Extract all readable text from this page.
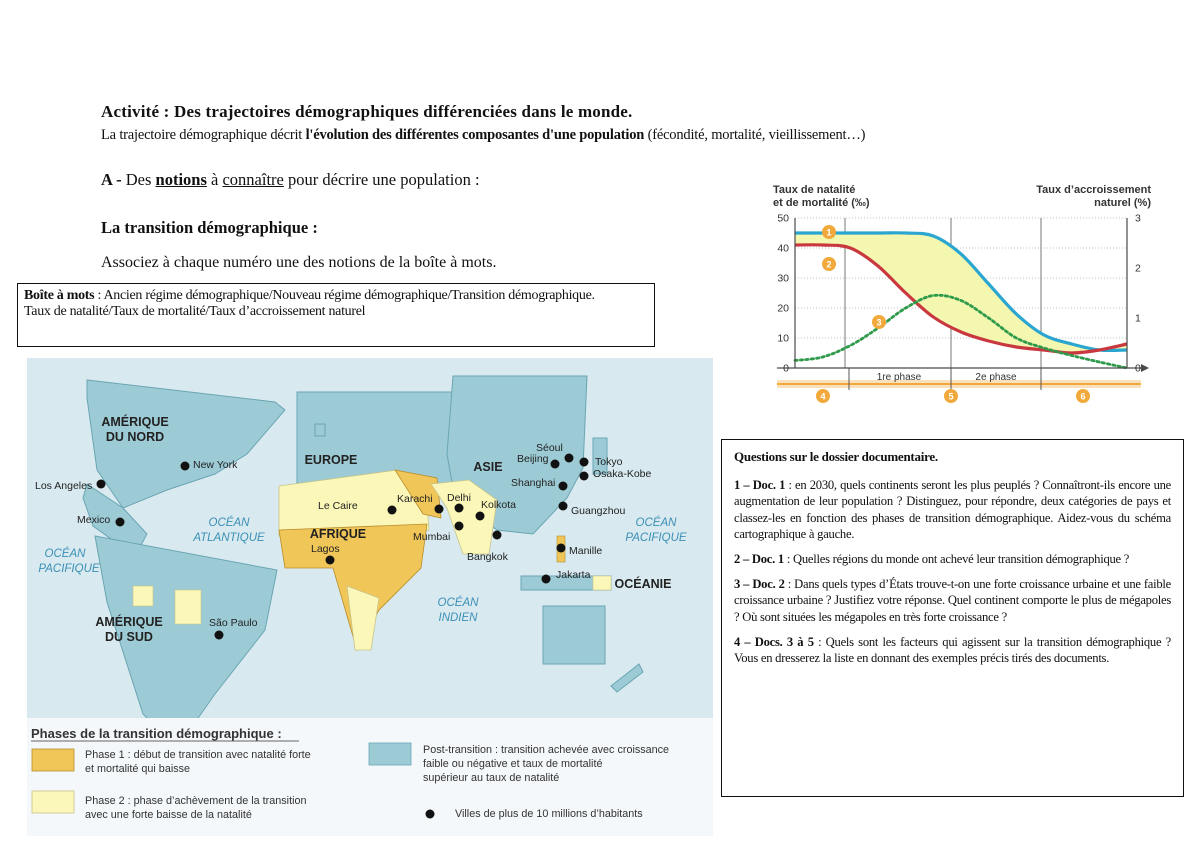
Activité : Des trajectoires démographiques différenciées dans le monde.
La trajectoire démographique décrit l'évolution des différentes composantes d'une population (fécondité, mortalité, vieillissement…)
A - Des notions à connaître pour décrire une population :
La transition démographique :
Associez à chaque numéro une des notions de la boîte à mots.
Boîte à mots : Ancien régime démographique/Nouveau régime démographique/Transition démographique.
Taux de natalité/Taux de mortalité/Taux d’accroissement naturel
AMÉRIQUE
DU NORD
AMÉRIQUE
DU SUD
EUROPE	ASIE
AFRIQUE
OCÉANIE
OCÉAN
ATLANTIQUE
OCÉAN
PACIFIQUE
OCÉAN
PACIFIQUE
OCÉAN
INDIEN
New York
Los Angeles
Mexico
São Paulo
Le Caire
Lagos
Karachi Delhi
Kolkota
Mumbai
Bangkok
Séoul
Beijing	Tokyo
Osaka-Kobe
Shanghai
Guangzhou
Manille
Jakarta
Phases de la transition démographique :
Phase 1 : début de transition avec natalité forte
et mortalité qui baisse
Phase 2 : phase d’achèvement de la transition
avec une forte baisse de la natalité
Post-transition : transition achevée avec croissance
faible ou négative et taux de mortalité
supérieur au taux de natalité
Villes de plus de 10 millions d’habitants
Taux de natalité
et de mortalité (‰)
Taux d’accroissement
naturel (%)
0
10
20
30
40
50
0
1
2
3
1re phase	2e phase
1
2
3
4	5	6
Questions sur le dossier documentaire.

1 – Doc. 1 : en 2030, quels continents seront les plus peuplés ? Connaîtront-ils encore une augmentation de leur population ? Distinguez, pour répondre, deux catégories de pays et classez-les en fonction des phases de transition démographique. Aidez-vous du schéma cartographique à gauche.

2 – Doc. 1 : Quelles régions du monde ont achevé leur transition démographique ?

3 – Doc. 2 : Dans quels types d’États trouve-t-on une forte croissance urbaine et une faible croissance urbaine ? Justifiez votre réponse. Quel continent comporte le plus de mégapoles ? Où sont situées les mégapoles en très forte croissance ?

4 – Docs. 3 à 5 : Quels sont les facteurs qui agissent sur la transition démographique ? Vous en dresserez la liste en donnant des exemples précis tirés des documents.
